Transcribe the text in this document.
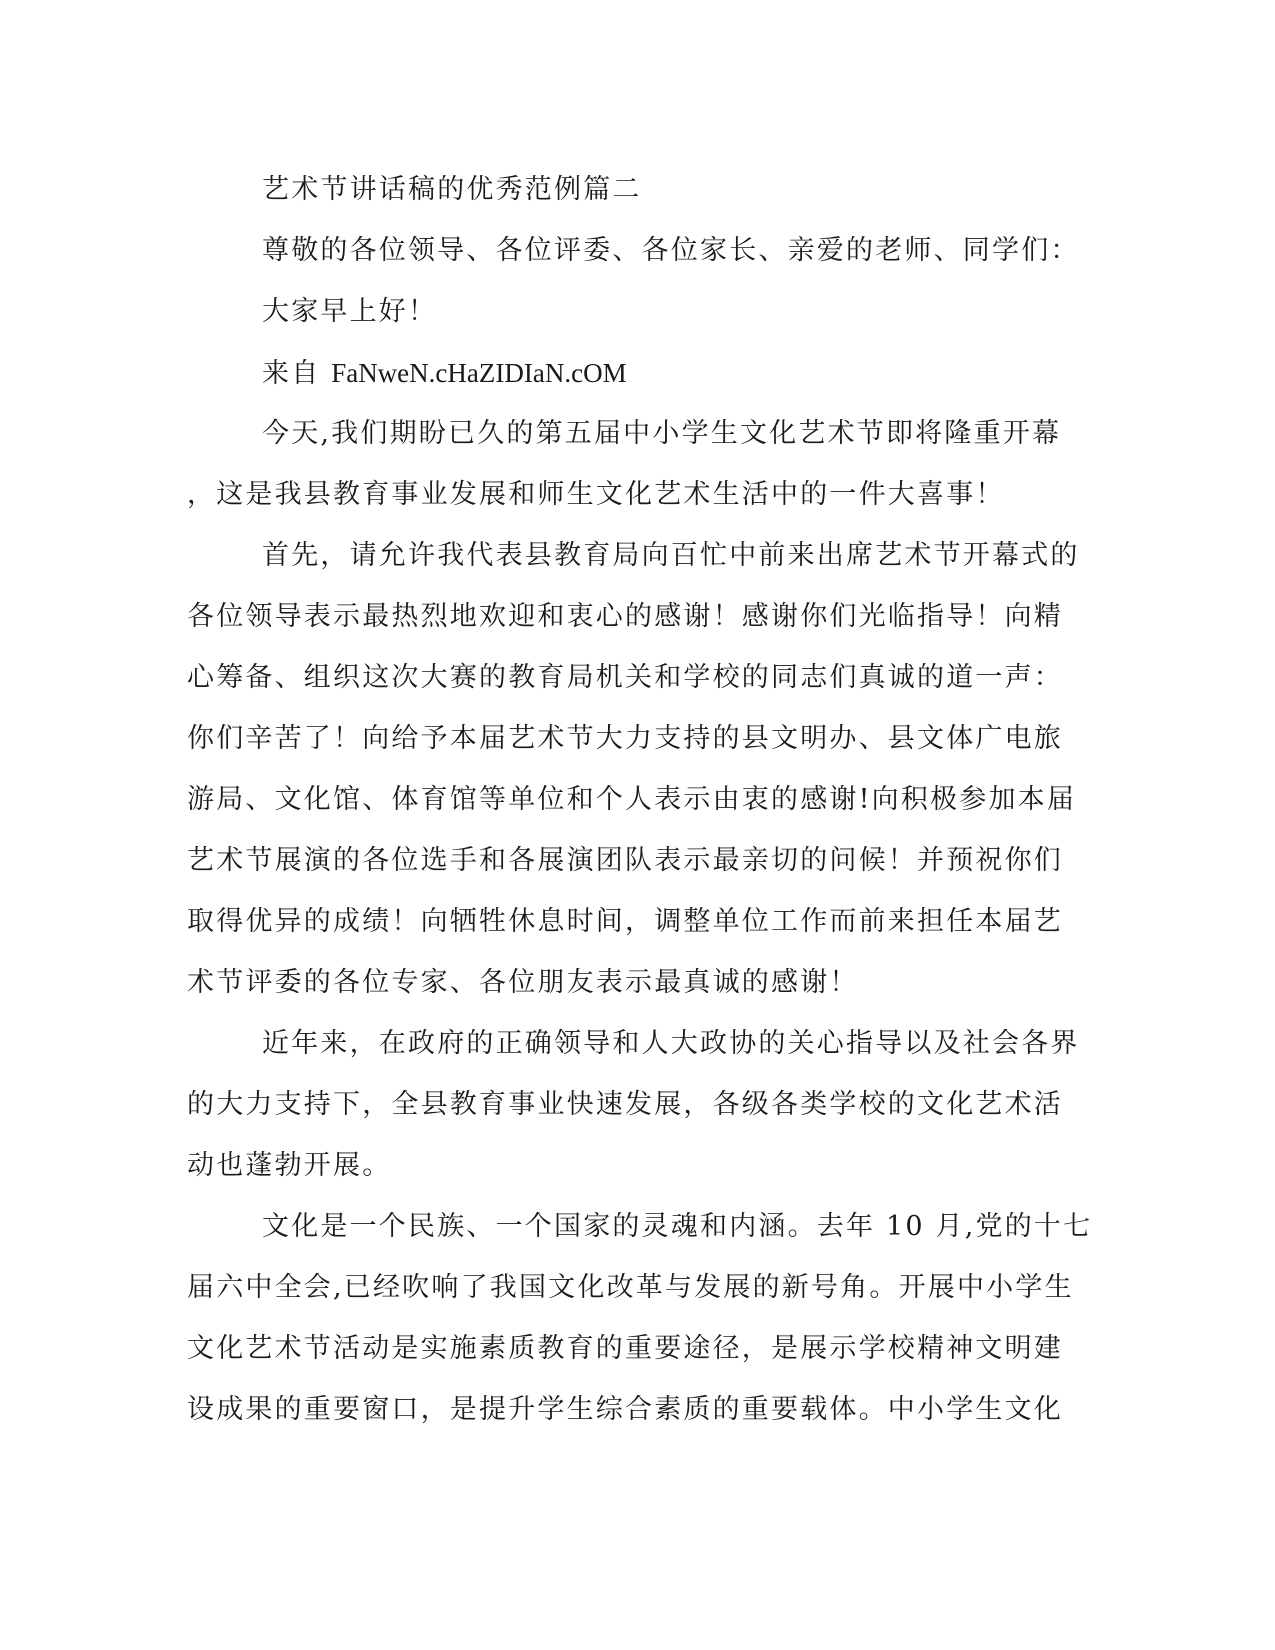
艺术节讲话稿的优秀范例篇二
尊敬的各位领导、各位评委、各位家长、亲爱的老师、同学们：
大家早上好！
来自 FaNweN.cHaZIDIaN.cOM
今天,我们期盼已久的第五届中小学生文化艺术节即将隆重开幕
，这是我县教育事业发展和师生文化艺术生活中的一件大喜事！
首先，请允许我代表县教育局向百忙中前来出席艺术节开幕式的
各位领导表示最热烈地欢迎和衷心的感谢！感谢你们光临指导！向精
心筹备、组织这次大赛的教育局机关和学校的同志们真诚的道一声：
你们辛苦了！向给予本届艺术节大力支持的县文明办、县文体广电旅
游局、文化馆、体育馆等单位和个人表示由衷的感谢!向积极参加本届
艺术节展演的各位选手和各展演团队表示最亲切的问候！并预祝你们
取得优异的成绩！向牺牲休息时间，调整单位工作而前来担任本届艺
术节评委的各位专家、各位朋友表示最真诚的感谢！
近年来，在政府的正确领导和人大政协的关心指导以及社会各界
的大力支持下，全县教育事业快速发展，各级各类学校的文化艺术活
动也蓬勃开展。
文化是一个民族、一个国家的灵魂和内涵。去年 10 月,党的十七
届六中全会,已经吹响了我国文化改革与发展的新号角。开展中小学生
文化艺术节活动是实施素质教育的重要途径，是展示学校精神文明建
设成果的重要窗口，是提升学生综合素质的重要载体。中小学生文化
